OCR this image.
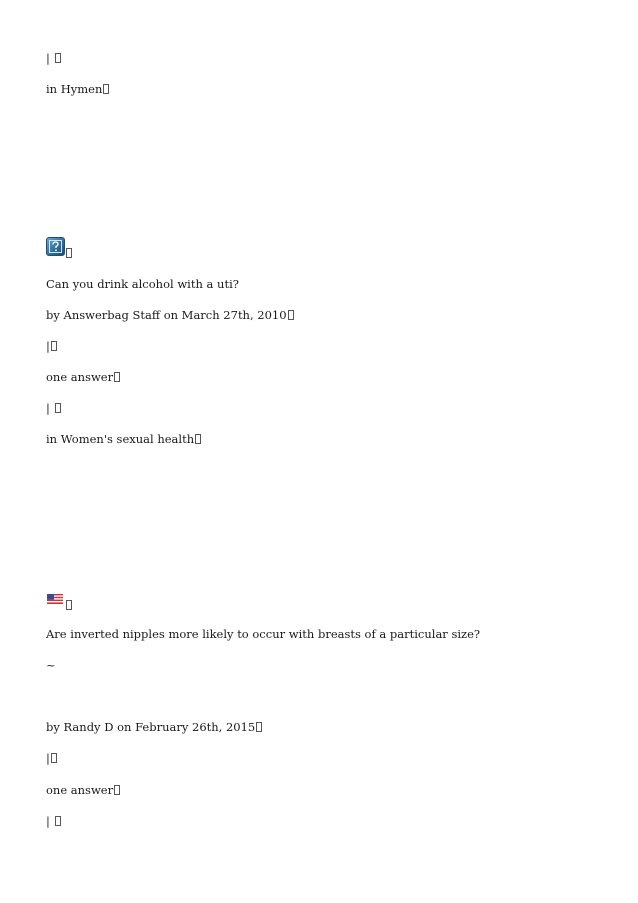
|
in Hymen
Can you drink alcohol with a uti?
by Answerbag Staff on March 27th, 2010
|
one answer
|
in Women's sexual health
Are inverted nipples more likely to occur with breasts of a particular size?
~
by Randy D on February 26th, 2015
|
one answer
|
